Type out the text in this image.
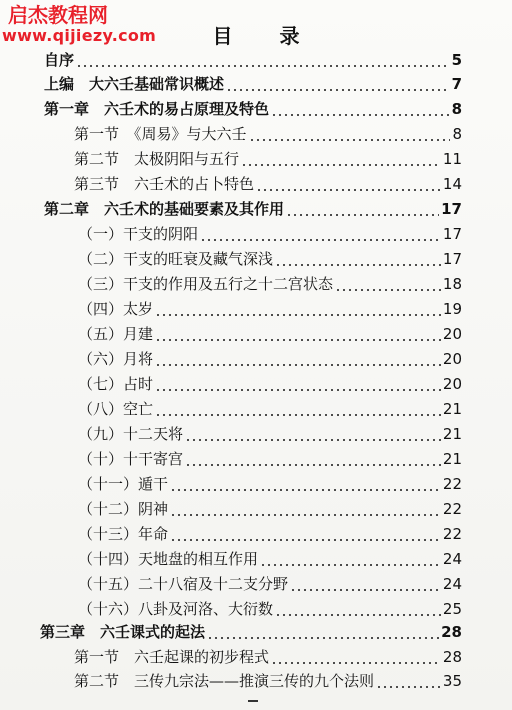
启杰教程网
www.qijiezy.com	目 录
自序	5
上编　大六壬基础常识概述	7
第一章　六壬术的易占原理及特色	8
第一节　《周易》与大六壬	8
第二节　太极阴阳与五行	11
第三节　六壬术的占卜特色	14
第二章　六壬术的基础要素及其作用	17
（一）干支的阴阳	17
（二）干支的旺衰及藏气深浅	17
（三）干支的作用及五行之十二宫状态	18
（四）太岁	19
（五）月建	20
（六）月将	20
（七）占时	20
（八）空亡	21
（九）十二天将	21
（十）十干寄宫	21
（十一）遁干	22
（十二）阴神	22
（十三）年命	22
（十四）天地盘的相互作用	24
（十五）二十八宿及十二支分野	24
（十六）八卦及河洛、大衍数	25
第三章　六壬课式的起法	28
第一节　六壬起课的初步程式	28
第二节　三传九宗法——推演三传的九个法则	35
